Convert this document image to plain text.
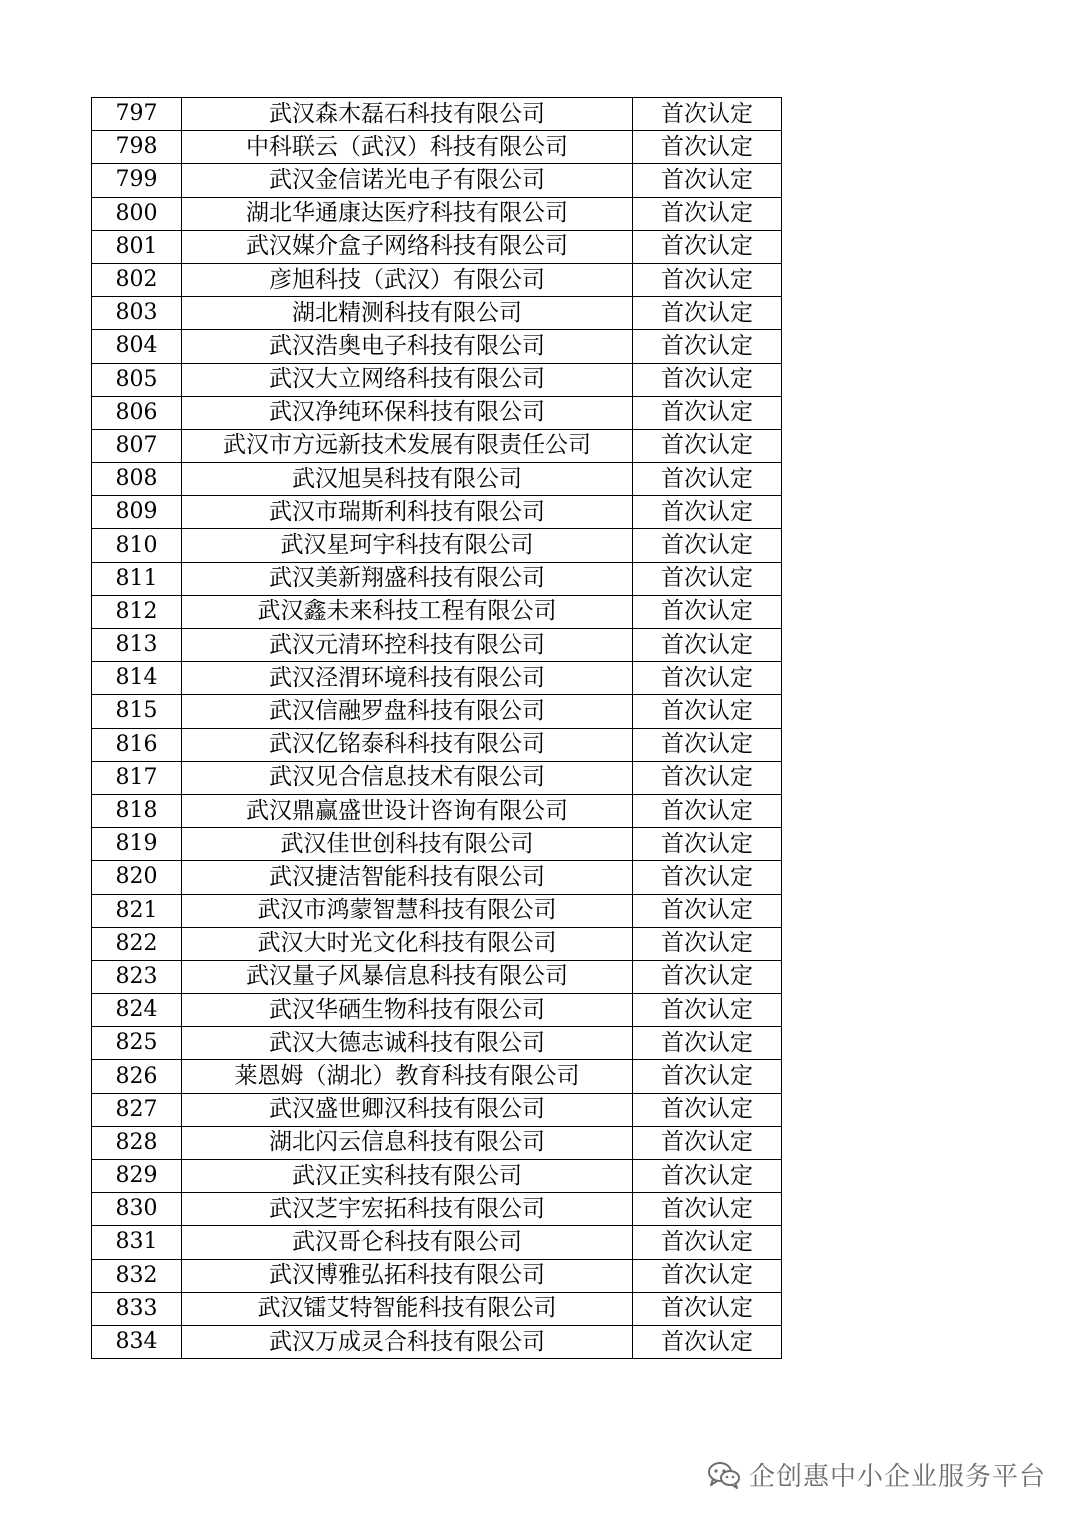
797	武汉森木磊石科技有限公司	首次认定
798	中科联云（武汉）科技有限公司	首次认定
799	武汉金信诺光电子有限公司	首次认定
800	湖北华通康达医疗科技有限公司	首次认定
801	武汉媒介盒子网络科技有限公司	首次认定
802	彦旭科技（武汉）有限公司	首次认定
803	湖北精测科技有限公司	首次认定
804	武汉浩奥电子科技有限公司	首次认定
805	武汉大立网络科技有限公司	首次认定
806	武汉净纯环保科技有限公司	首次认定
807	武汉市方远新技术发展有限责任公司	首次认定
808	武汉旭昊科技有限公司	首次认定
809	武汉市瑞斯利科技有限公司	首次认定
810	武汉星珂宇科技有限公司	首次认定
811	武汉美新翔盛科技有限公司	首次认定
812	武汉鑫未来科技工程有限公司	首次认定
813	武汉元清环控科技有限公司	首次认定
814	武汉泾渭环境科技有限公司	首次认定
815	武汉信融罗盘科技有限公司	首次认定
816	武汉亿铭泰科科技有限公司	首次认定
817	武汉见合信息技术有限公司	首次认定
818	武汉鼎赢盛世设计咨询有限公司	首次认定
819	武汉佳世创科技有限公司	首次认定
820	武汉捷洁智能科技有限公司	首次认定
821	武汉市鸿蒙智慧科技有限公司	首次认定
822	武汉大时光文化科技有限公司	首次认定
823	武汉量子风暴信息科技有限公司	首次认定
824	武汉华硒生物科技有限公司	首次认定
825	武汉大德志诚科技有限公司	首次认定
826	莱恩姆（湖北）教育科技有限公司	首次认定
827	武汉盛世卿汉科技有限公司	首次认定
828	湖北闪云信息科技有限公司	首次认定
829	武汉正实科技有限公司	首次认定
830	武汉芝宇宏拓科技有限公司	首次认定
831	武汉哥仑科技有限公司	首次认定
832	武汉博雅弘拓科技有限公司	首次认定
833	武汉镭艾特智能科技有限公司	首次认定
834	武汉万成灵合科技有限公司	首次认定
企创惠中小企业服务平台
